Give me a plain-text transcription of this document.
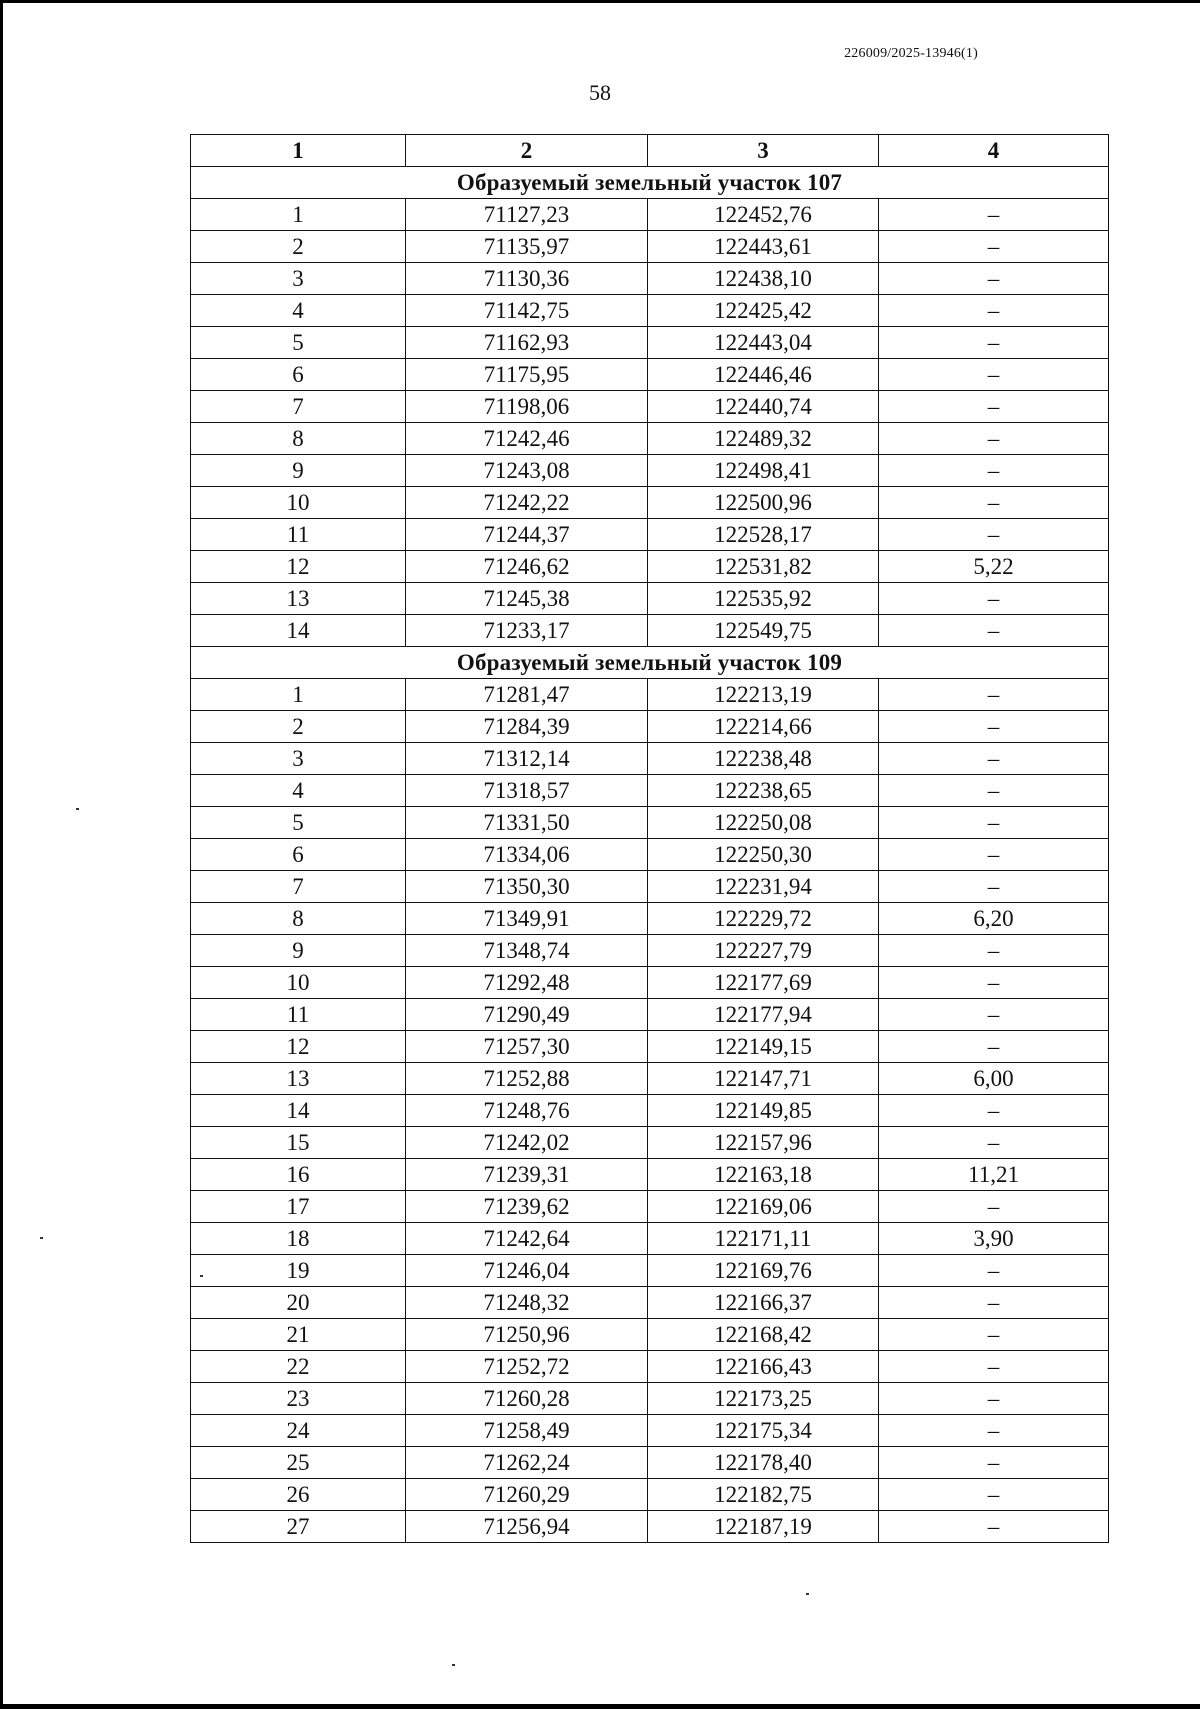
226009/2025-13946(1)
58
1	2	3	4
Образуемый земельный участок 107			
1	71127,23	122452,76	–
2	71135,97	122443,61	–
3	71130,36	122438,10	–
4	71142,75	122425,42	–
5	71162,93	122443,04	–
6	71175,95	122446,46	–
7	71198,06	122440,74	–
8	71242,46	122489,32	–
9	71243,08	122498,41	–
10	71242,22	122500,96	–
11	71244,37	122528,17	–
12	71246,62	122531,82	5,22
13	71245,38	122535,92	–
14	71233,17	122549,75	–
Образуемый земельный участок 109			
1	71281,47	122213,19	–
2	71284,39	122214,66	–
3	71312,14	122238,48	–
4	71318,57	122238,65	–
5	71331,50	122250,08	–
6	71334,06	122250,30	–
7	71350,30	122231,94	–
8	71349,91	122229,72	6,20
9	71348,74	122227,79	–
10	71292,48	122177,69	–
11	71290,49	122177,94	–
12	71257,30	122149,15	–
13	71252,88	122147,71	6,00
14	71248,76	122149,85	–
15	71242,02	122157,96	–
16	71239,31	122163,18	11,21
17	71239,62	122169,06	–
18	71242,64	122171,11	3,90
19	71246,04	122169,76	–
20	71248,32	122166,37	–
21	71250,96	122168,42	–
22	71252,72	122166,43	–
23	71260,28	122173,25	–
24	71258,49	122175,34	–
25	71262,24	122178,40	–
26	71260,29	122182,75	–
27	71256,94	122187,19	–
